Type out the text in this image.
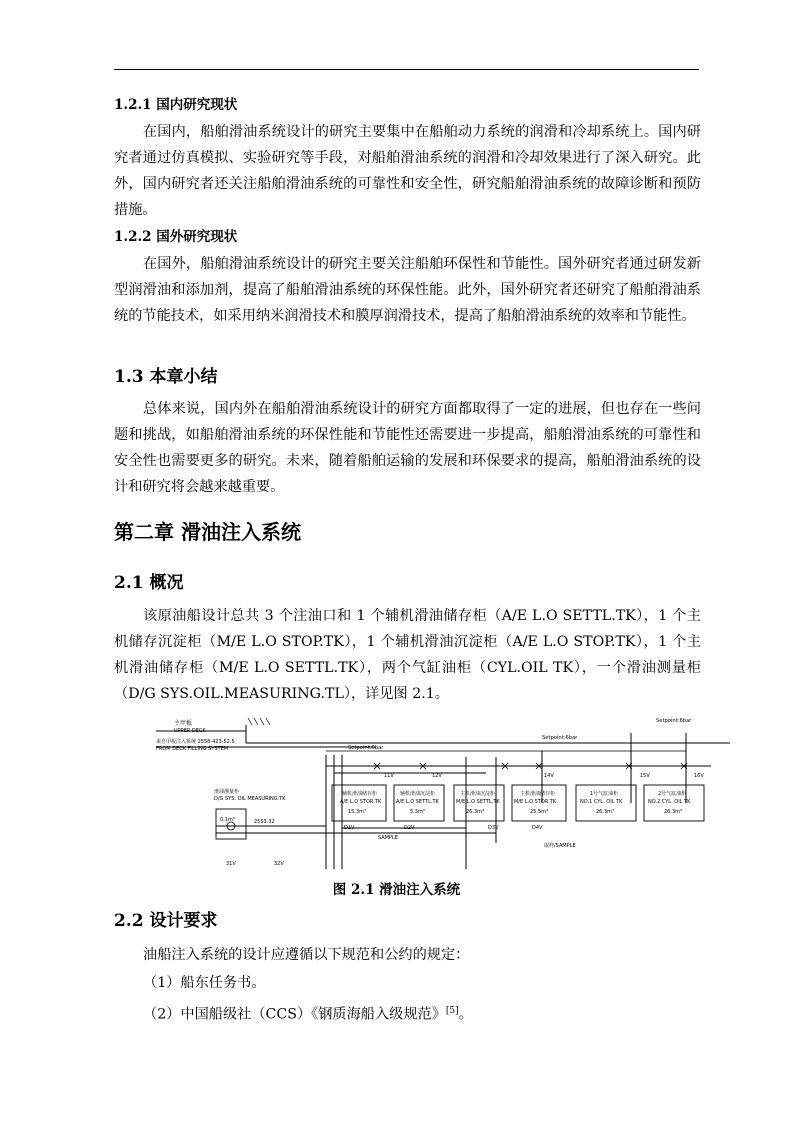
1.2.1 国内研究现状

在国内，船舶滑油系统设计的研究主要集中在船舶动力系统的润滑和冷却系统上。国内研究者通过仿真模拟、实验研究等手段，对船舶滑油系统的润滑和冷却效果进行了深入研究。此外，国内研究者还关注船舶滑油系统的可靠性和安全性，研究船舶滑油系统的故障诊断和预防措施。

1.2.2 国外研究现状

在国外，船舶滑油系统设计的研究主要关注船舶环保性和节能性。国外研究者通过研发新型润滑油和添加剂，提高了船舶滑油系统的环保性能。此外，国外研究者还研究了船舶滑油系统的节能技术，如采用纳米润滑技术和膜厚润滑技术，提高了船舶滑油系统的效率和节能性。

1.3 本章小结

总体来说，国内外在船舶滑油系统设计的研究方面都取得了一定的进展，但也存在一些问题和挑战，如船舶滑油系统的环保性能和节能性还需要进一步提高，船舶滑油系统的可靠性和安全性也需要更多的研究。未来，随着船舶运输的发展和环保要求的提高，船舶滑油系统的设计和研究将会越来越重要。

第二章 滑油注入系统
2.1 概况

该原油船设计总共 3 个注油口和 1 个辅机滑油储存柜（A/E L.O SETTL.TK），1 个主机储存沉淀柜（M/E L.O STOP.TK），1 个辅机滑油沉淀柜（A/E L.O STOP.TK），1 个主机滑油储存柜（M/E L.O SETTL.TK），两个气缸油柜（CYL.OIL TK），一个滑油测量柜（D/G SYS.OIL.MEASURING.TL），详见图 2.1。

主甲板
UPPER DECK
来自甲板注入系统 2558-423-52.5
FROM DECK FILLING SYSTEM	Setpoint:6bar
Setpoint:6bar
Setpoint:6bar
辅机滑油储存柜
A/E L.O STOR.TK
15.3m³
辅机滑油沉淀柜
A/E L.O SETTL.TK
5.3m³
主机滑油沉淀柜
M/E L.O SETTL.TK
26.3m³
主机滑油储存柜
M/E L.O STOR.TK
25.5m³
1号气缸油柜
NO.1 CYL. OIL TK
26.3m³
2号气缸油柜
NO.2 CYL. OIL TK
26.3m³
11V	12V	14V	15V	16V
D1V	D2V	D3V	D4V
滑油测量柜
D/G SYS. OIL MEASURING.TK
0.1m³	25S3.32
31V	32V
SAMPLE
取样/SAMPLE
图 2.1 滑油注入系统
2.2 设计要求
油船注入系统的设计应遵循以下规范和公约的规定：
（1）船东任务书。
（2）中国船级社（CCS）《钢质海船入级规范》[5]。
